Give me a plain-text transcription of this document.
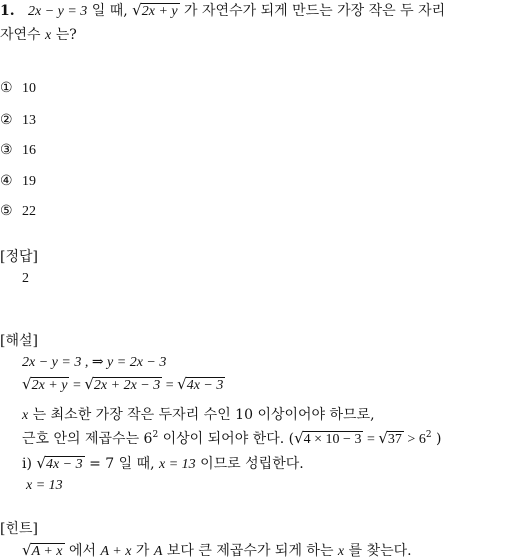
1. 2x − y = 3 일 때, √ 2x + y 가 자연수가 되게 만드는 가장 작은 두 자리
자연수 x 는?
① 10
② 13
③ 16
④ 19
⑤ 22
[정답]
2
[해설]
2x − y = 3 , ⇒ y = 2x − 3
√ 2x + y = √ 2x + 2x − 3 = √ 4x − 3
x 는 최소한 가장 작은 두자리 수인 10 이상이어야 하므로,
근호 안의 제곱수는 $6^2$ 이상이 되어야 한다. ( √ 4 × 10 − 3 = √ $37 > 6^2$ )
i) √ 4x − 3 = 7 일 때, x = 13 이므로 성립한다.
x = 13
[힌트]
√ A + x 에서 A + x 가 A 보다 큰 제곱수가 되게 하는 x 를 찾는다.
